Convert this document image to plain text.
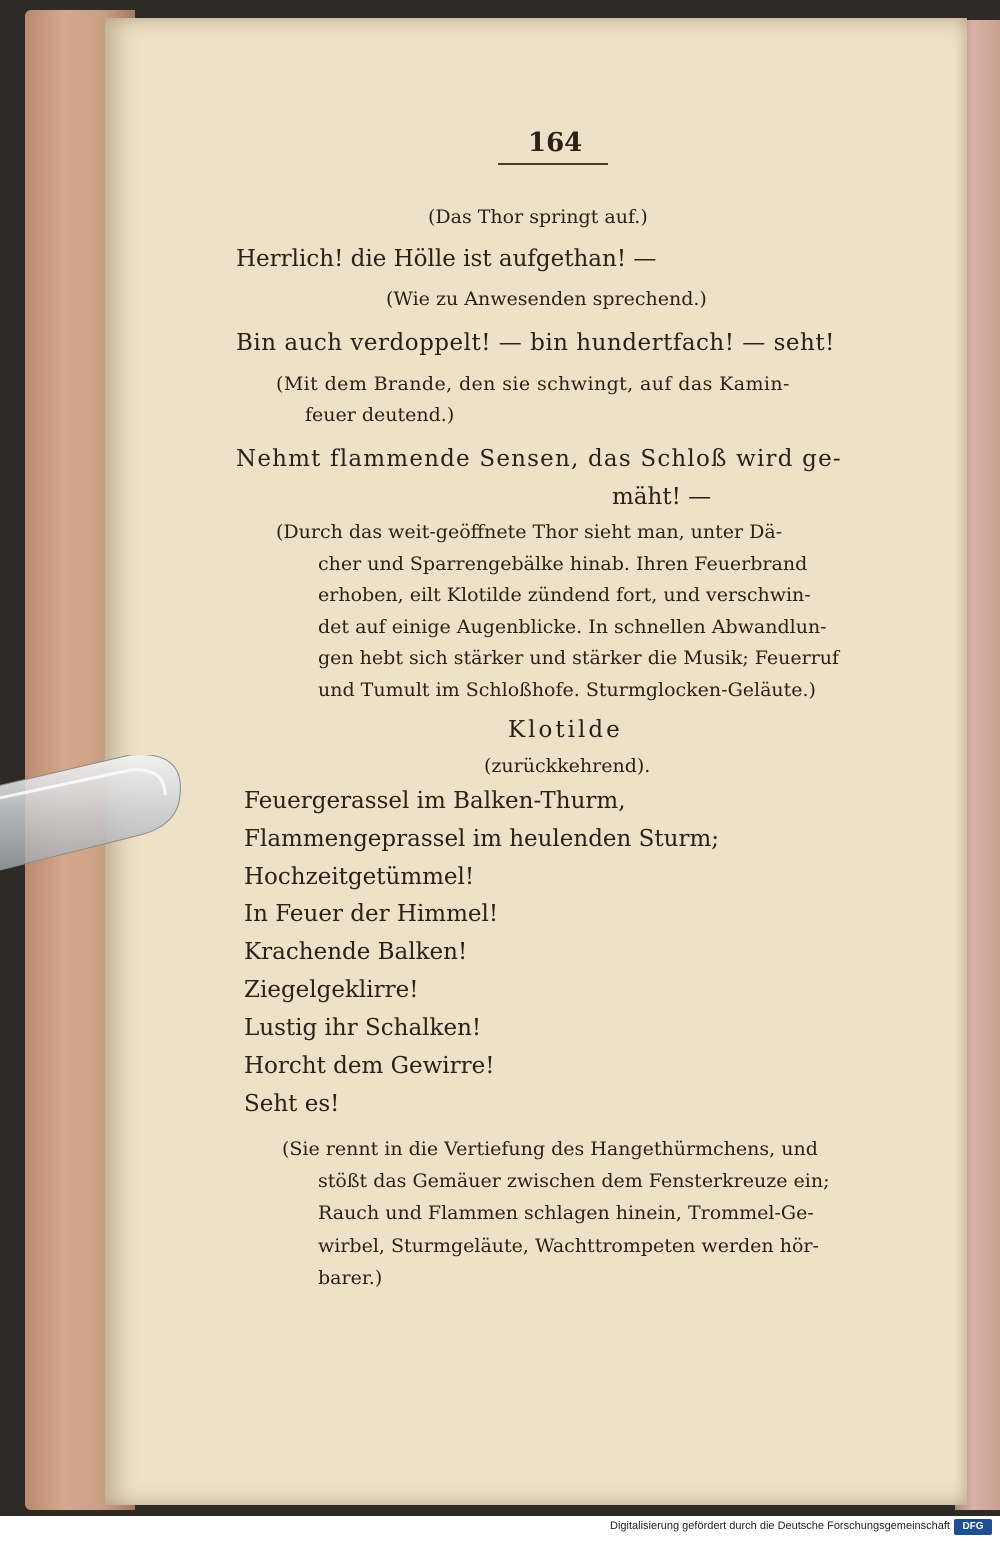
164
(Das Thor springt auf.)
Herrlich! die Hölle ist aufgethan! —
(Wie zu Anwesenden sprechend.)
Bin auch verdoppelt! — bin hundertfach! — seht!
(Mit dem Brande, den sie schwingt, auf das Kamin-
feuer deutend.)
Nehmt flammende Sensen, das Schloß wird ge-
mäht! —
(Durch das weit-geöffnete Thor sieht man, unter Dä-
cher und Sparrengebälke hinab. Ihren Feuerbrand
erhoben, eilt Klotilde zündend fort, und verschwin-
det auf einige Augenblicke. In schnellen Abwandlun-
gen hebt sich stärker und stärker die Musik; Feuerruf
und Tumult im Schloßhofe. Sturmglocken-Geläute.)
Klotilde
(zurückkehrend).
Feuergerassel im Balken-Thurm,
Flammengeprassel im heulenden Sturm;
Hochzeitgetümmel!
In Feuer der Himmel!
Krachende Balken!
Ziegelgeklirre!
Lustig ihr Schalken!
Horcht dem Gewirre!
Seht es!
(Sie rennt in die Vertiefung des Hangethürmchens, und
stößt das Gemäuer zwischen dem Fensterkreuze ein;
Rauch und Flammen schlagen hinein, Trommel-Ge-
wirbel, Sturmgeläute, Wachttrompeten werden hör-
barer.)
Digitalisierung gefördert durch die Deutsche Forschungsgemeinschaft	DFG
